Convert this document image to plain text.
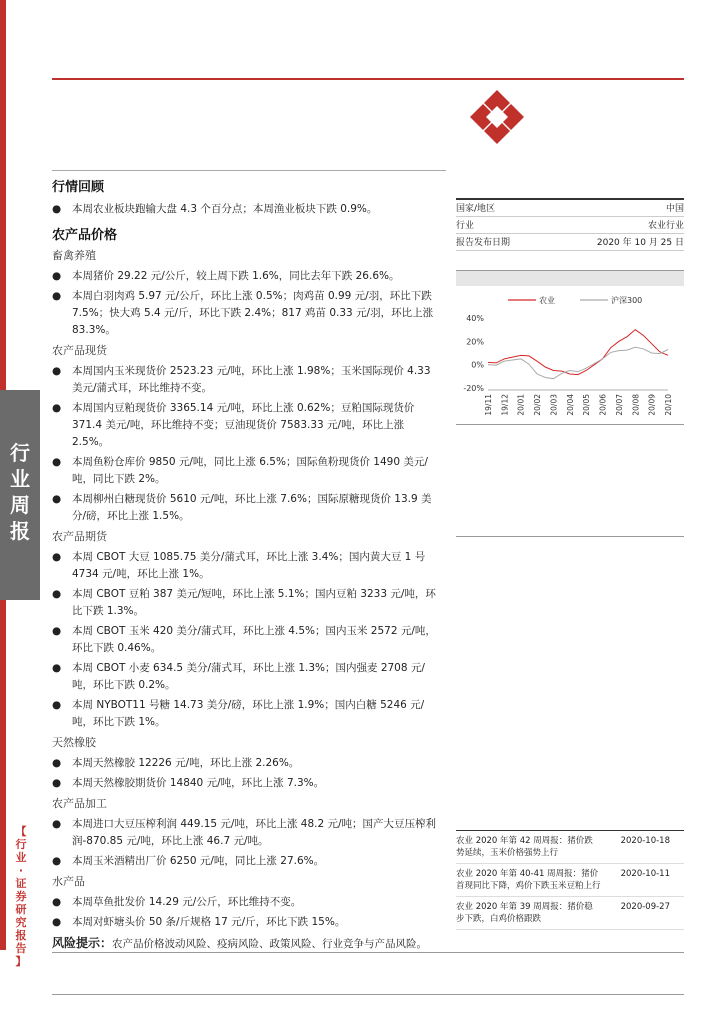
行
业
周
报
【
行
业
·
证
券
研
究
报
告
】
行情回顾
● 本周农业板块跑输大盘 4.3 个百分点；本周渔业板块下跌 0.9%。
农产品价格
畜禽养殖
● 本周猪价 29.22 元/公斤，较上周下跌 1.6%，同比去年下跌 26.6%。
● 本周白羽肉鸡 5.97 元/公斤，环比上涨 0.5%；肉鸡苗 0.99 元/羽，环比下跌 7.5%；快大鸡 5.4 元/斤，环比下跌 2.4%；817 鸡苗 0.33 元/羽，环比上涨 83.3%。
农产品现货
● 本周国内玉米现货价 2523.23 元/吨，环比上涨 1.98%；玉米国际现价 4.33 美元/蒲式耳，环比维持不变。
● 本周国内豆粕现货价 3365.14 元/吨，环比上涨 0.62%；豆粕国际现货价 371.4 美元/吨，环比维持不变；豆油现货价 7583.33 元/吨，环比上涨 2.5%。
● 本周鱼粉仓库价 9850 元/吨，同比上涨 6.5%；国际鱼粉现货价 1490 美元/吨，同比下跌 2%。
● 本周柳州白糖现货价 5610 元/吨，环比上涨 7.6%；国际原糖现货价 13.9 美分/磅，环比上涨 1.5%。
农产品期货
● 本周 CBOT 大豆 1085.75 美分/蒲式耳，环比上涨 3.4%；国内黄大豆 1 号 4734 元/吨，环比上涨 1%。
● 本周 CBOT 豆粕 387 美元/短吨，环比上涨 5.1%；国内豆粕 3233 元/吨，环比下跌 1.3%。
● 本周 CBOT 玉米 420 美分/蒲式耳，环比上涨 4.5%；国内玉米 2572 元/吨，环比下跌 0.46%。
● 本周 CBOT 小麦 634.5 美分/蒲式耳，环比上涨 1.3%；国内强麦 2708 元/吨，环比下跌 0.2%。
● 本周 NYBOT11 号糖 14.73 美分/磅，环比上涨 1.9%；国内白糖 5246 元/吨，环比下跌 1%。
天然橡胶
● 本周天然橡胶 12226 元/吨，环比上涨 2.26%。
● 本周天然橡胶期货价 14840 元/吨，环比上涨 7.3%。
农产品加工
● 本周进口大豆压榨利润 449.15 元/吨，环比上涨 48.2 元/吨；国产大豆压榨利润-870.85 元/吨，环比上涨 46.7 元/吨。
● 本周玉米酒精出厂价 6250 元/吨，同比上涨 27.6%。
水产品
● 本周草鱼批发价 14.29 元/公斤，环比维持不变。
● 本周对虾塘头价 50 条/斤规格 17 元/斤，环比下跌 15%。
风险提示：农产品价格波动风险、疫病风险、政策风险、行业竞争与产品风险。
国家/地区	中国
行业	农业行业
报告发布日期	2020 年 10 月 25 日
农业	沪深300
40%
20%
0%
-20%
19/11 19/12 20/01 20/02 20/03 20/04 20/05 20/06 20/07 20/08 20/09 20/10
农业 2020 年第 42 周周报：猪价跌势延续，玉米价格强势上行
2020-10-18
农业 2020 年第 40-41 周周报：猪价首现同比下降，鸡价下跌玉米豆粕上行
2020-10-11
农业 2020 年第 39 周周报：猪价稳步下跌，白鸡价格跟跌
2020-09-27
